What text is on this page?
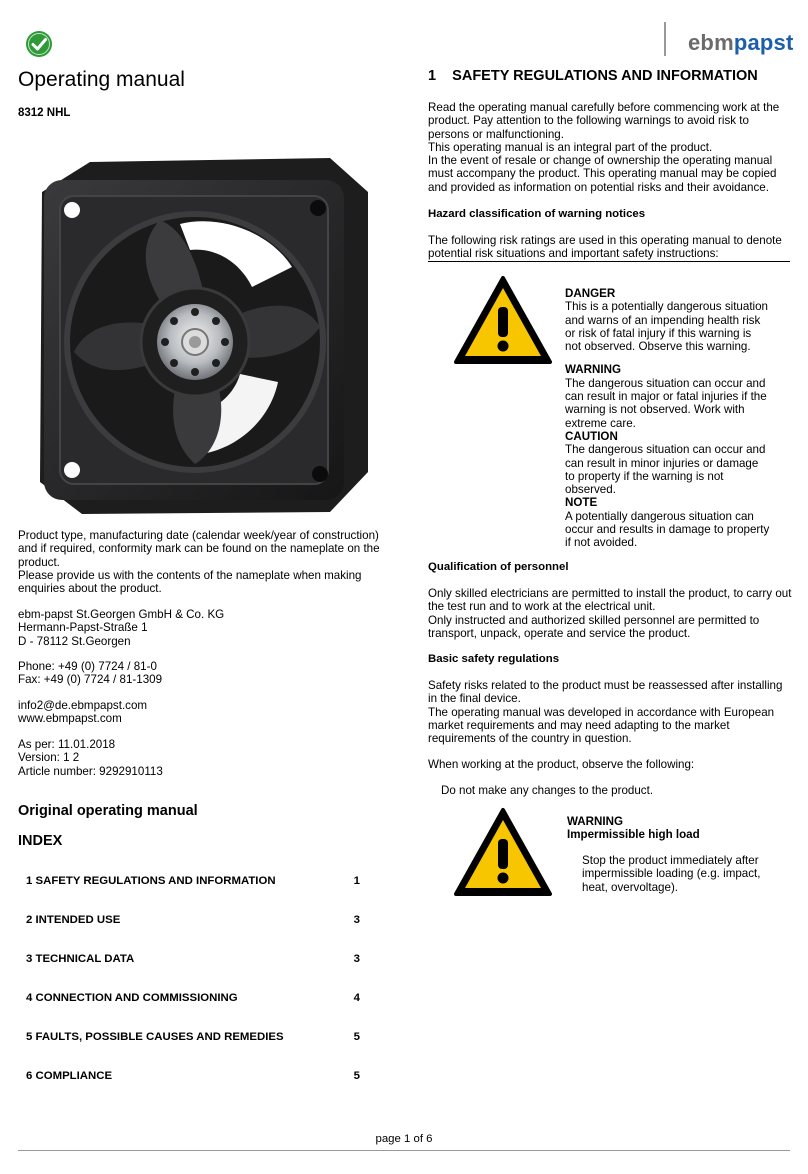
ebmpapst
Operating manual
8312 NHL

Product type, manufacturing date (calendar week/year of construction) and if required, conformity mark can be found on the nameplate on the product.

Please provide us with the contents of the nameplate when making enquiries about the product.

ebm-papst St.Georgen GmbH & Co. KG

Hermann-Papst-Straße 1

D - 78112 St.Georgen

Phone: +49 (0) 7724 / 81-0

Fax: +49 (0) 7724 / 81-1309

info2@de.ebmpapst.com
www.ebmpapst.com

As per: 11.01.2018

Version: 1 2

Article number: 9292910113

Original operating manual
INDEX
1 SAFETY REGULATIONS AND INFORMATION	1
2 INTENDED USE	3
3 TECHNICAL DATA	3
4 CONNECTION AND COMMISSIONING	4
5 FAULTS, POSSIBLE CAUSES AND REMEDIES	5
6 COMPLIANCE	5
1    SAFETY REGULATIONS AND INFORMATION

Read the operating manual carefully before commencing work at the product. Pay attention to the following warnings to avoid risk to persons or malfunctioning.

This operating manual is an integral part of the product.

In the event of resale or change of ownership the operating manual must accompany the product. This operating manual may be copied and provided as information on potential risks and their avoidance.

Hazard classification of warning notices

The following risk ratings are used in this operating manual to denote potential risk situations and important safety instructions:

DANGER
This is a potentially dangerous situation and warns of an impending health risk or risk of fatal injury if this warning is not observed. Observe this warning.
WARNING
The dangerous situation can occur and can result in major or fatal injuries if the warning is not observed. Work with extreme care.
CAUTION
The dangerous situation can occur and can result in minor injuries or damage to property if the warning is not observed.
NOTE
A potentially dangerous situation can occur and results in damage to property if not avoided.
Qualification of personnel

Only skilled electricians are permitted to install the product, to carry out the test run and to work at the electrical unit.

Only instructed and authorized skilled personnel are permitted to transport, unpack, operate and service the product.

Basic safety regulations

Safety risks related to the product must be reassessed after installing in the final device.

The operating manual was developed in accordance with European market requirements and may need adapting to the market requirements of the country in question.

When working at the product, observe the following:
Do not make any changes to the product.
WARNING
Impermissible high load
Stop the product immediately after impermissible loading (e.g. impact, heat, overvoltage).
page 1 of 6
